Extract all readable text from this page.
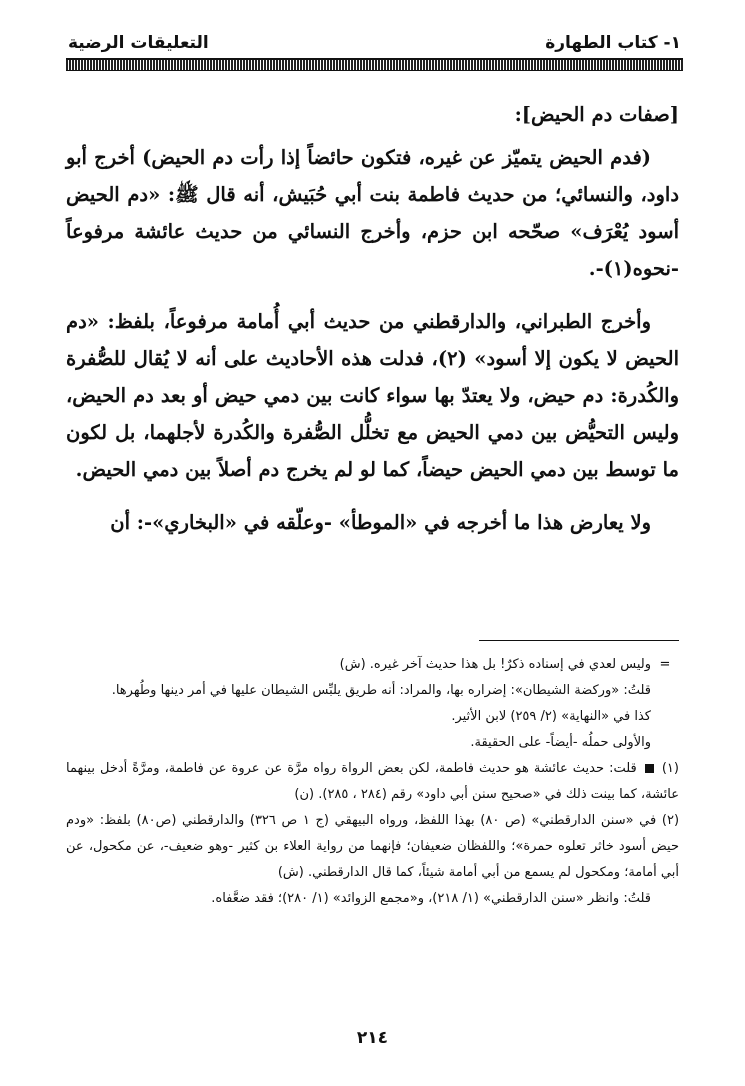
١- كتاب الطهارة
التعليقات الرضية

[صفات دم الحيض]:

(فدم الحيض يتميّز عن غيره، فتكون حائضاً إذا رأت دم الحيض) أخرج أبو داود، والنسائي؛ من حديث فاطمة بنت أبي حُبَيش، أنه قال ﷺ: «دم الحيض أسود يُعْرَف» صحّحه ابن حزم، وأخرج النسائي من حديث عائشة مرفوعاً -نحوه(١)-.

وأخرج الطبراني، والدارقطني من حديث أبي أُمامة مرفوعاً، بلفظ: «دم الحيض لا يكون إلا أسود» (٢)، فدلت هذه الأحاديث على أنه لا يُقال للصُّفرة والكُدرة: دم حيض، ولا يعتدّ بها سواء كانت بين دمي حيض أو بعد دم الحيض، وليس التحيُّض بين دمي الحيض مع تخلُّل الصُّفرة والكُدرة لأجلهما، بل لكون ما توسط بين دمي الحيض حيضاً، كما لو لم يخرج دم أصلاً بين دمي الحيض.

ولا يعارض هذا ما أخرجه في «الموطأ» -وعلّقه في «البخاري»-: أن

=
وليس لعدي في إسناده ذكرٌ! بل هذا حديث آخر غيره. (ش)

قلتُ: «وركضة الشيطان»: إضراره بها، والمراد: أنه طريق يلبِّس الشيطان عليها في أمر دينها وطُهرها.

كذا في «النهاية» (٢/ ٢٥٩) لابن الأثير.

والأولى حملُه -أيضاً- على الحقيقة.

(١)  قلت: حديث عائشة هو حديث فاطمة، لكن بعض الرواة رواه مرَّة عن عروة عن فاطمة، ومرَّةً أدخل بينهما عائشة، كما بينت ذلك في «صحيح سنن أبي داود» رقم (٢٨٤ ، ٢٨٥). (ن)

(٢) في «سنن الدارقطني» (ص ٨٠) بهذا اللفظ، ورواه البيهقي (ج ١ ص ٣٢٦) والدارقطني (ص٨٠) بلفظ: «ودم حيض أسود خاثر تعلوه حمرة»؛ واللفظان ضعيفان؛ فإنهما من رواية العلاء بن كثير -وهو ضعيف-، عن مكحول، عن أبي أمامة؛ ومكحول لم يسمع من أبي أمامة شيئاً، كما قال الدارقطني. (ش)

قلتُ: وانظر «سنن الدارقطني» (١/ ٢١٨)، و«مجمع الزوائد» (١/ ٢٨٠)؛ فقد ضعَّفاه.

٢١٤
